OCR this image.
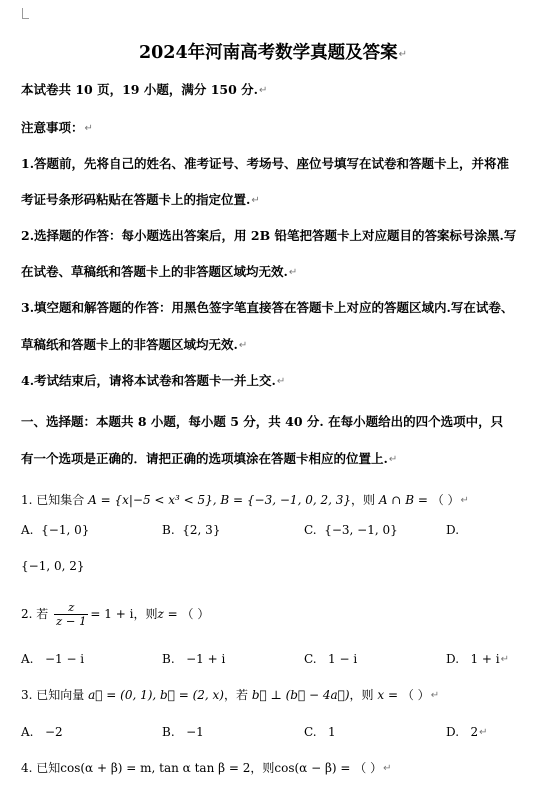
2024年河南高考数学真题及答案↵
本试卷共 10 页，19 小题，满分 150 分.↵
注意事项：↵
1.答题前，先将自己的姓名、准考证号、考场号、座位号填写在试卷和答题卡上，并将准
考证号条形码粘贴在答题卡上的指定位置.↵
2.选择题的作答：每小题选出答案后，用 2B 铅笔把答题卡上对应题目的答案标号涂黑.写
在试卷、草稿纸和答题卡上的非答题区域均无效.↵
3.填空题和解答题的作答：用黑色签字笔直接答在答题卡上对应的答题区域内.写在试卷、
草稿纸和答题卡上的非答题区域均无效.↵
4.考试结束后，请将本试卷和答题卡一并上交.↵
一、选择题：本题共 8 小题，每小题 5 分，共 40 分. 在每小题给出的四个选项中，只
有一个选项是正确的．请把正确的选项填涂在答题卡相应的位置上.↵
1. 已知集合 A = {x|−5 < x³ < 5}, B = {−3, −1, 0, 2, 3}，则 A ∩ B = （ ）↵
A. {−1, 0}	B. {2, 3}	C. {−3, −1, 0}	D.
{−1, 0, 2}
2. 若 $\frac{z}{z - 1} = 1 + i$，则z = （ ）
A. −1 − i	B. −1 + i	C. 1 − i	D. 1 + i↵
3. 已知向量 a⃗ = (0, 1), b⃗ = (2, x)，若 b⃗ ⊥ (b⃗ − 4a⃗)，则 x = （ ）↵
A. −2	B. −1	C. 1	D. 2↵
4. 已知cos(α + β) = m, tan α tan β = 2，则cos(α − β) = （ ）↵
